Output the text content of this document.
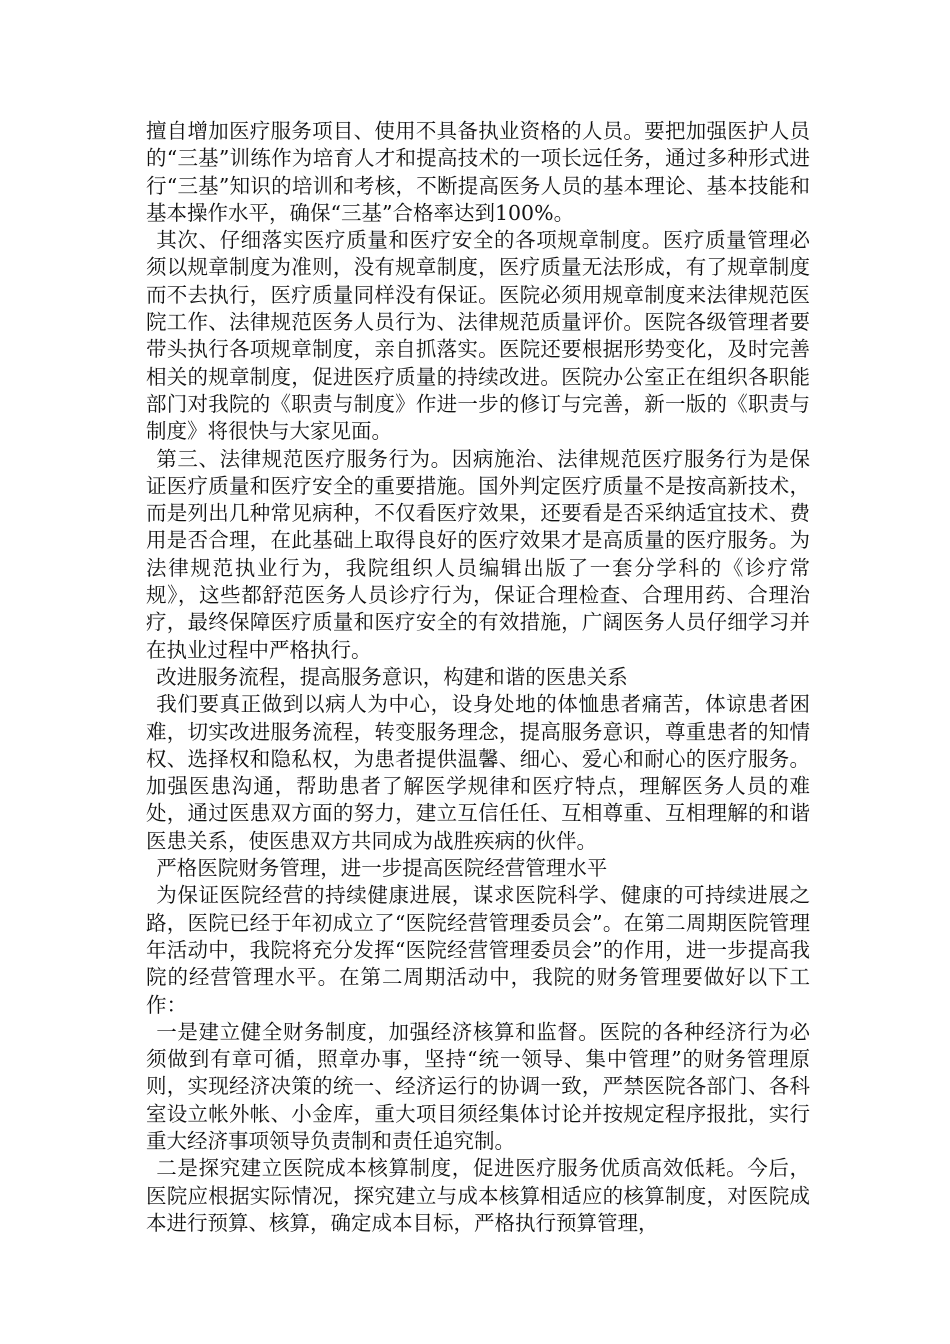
擅自增加医疗服务项目、使用不具备执业资格的人员。要把加强医护人员的“三基”训练作为培育人才和提高技术的一项长远任务，通过多种形式进行“三基”知识的培训和考核，不断提高医务人员的基本理论、基本技能和基本操作水平，确保“三基”合格率达到100%。

其次、仔细落实医疗质量和医疗安全的各项规章制度。医疗质量管理必须以规章制度为准则，没有规章制度，医疗质量无法形成，有了规章制度而不去执行，医疗质量同样没有保证。医院必须用规章制度来法律规范医院工作、法律规范医务人员行为、法律规范质量评价。医院各级管理者要带头执行各项规章制度，亲自抓落实。医院还要根据形势变化，及时完善相关的规章制度，促进医疗质量的持续改进。医院办公室正在组织各职能部门对我院的《职责与制度》作进一步的修订与完善，新一版的《职责与制度》将很快与大家见面。

第三、法律规范医疗服务行为。因病施治、法律规范医疗服务行为是保证医疗质量和医疗安全的重要措施。国外判定医疗质量不是按高新技术，而是列出几种常见病种，不仅看医疗效果，还要看是否采纳适宜技术、费用是否合理，在此基础上取得良好的医疗效果才是高质量的医疗服务。为法律规范执业行为，我院组织人员编辑出版了一套分学科的《诊疗常规》，这些都舒范医务人员诊疗行为，保证合理检查、合理用药、合理治疗，最终保障医疗质量和医疗安全的有效措施，广阔医务人员仔细学习并在执业过程中严格执行。

改进服务流程，提高服务意识，构建和谐的医患关系

我们要真正做到以病人为中心，设身处地的体恤患者痛苦，体谅患者困难，切实改进服务流程，转变服务理念，提高服务意识，尊重患者的知情权、选择权和隐私权，为患者提供温馨、细心、爱心和耐心的医疗服务。加强医患沟通，帮助患者了解医学规律和医疗特点，理解医务人员的难处，通过医患双方面的努力，建立互信任任、互相尊重、互相理解的和谐医患关系，使医患双方共同成为战胜疾病的伙伴。

严格医院财务管理，进一步提高医院经营管理水平

为保证医院经营的持续健康进展，谋求医院科学、健康的可持续进展之路，医院已经于年初成立了“医院经营管理委员会”。在第二周期医院管理年活动中，我院将充分发挥“医院经营管理委员会”的作用，进一步提高我院的经营管理水平。在第二周期活动中，我院的财务管理要做好以下工作：

一是建立健全财务制度，加强经济核算和监督。医院的各种经济行为必须做到有章可循，照章办事，坚持“统一领导、集中管理”的财务管理原则，实现经济决策的统一、经济运行的协调一致，严禁医院各部门、各科室设立帐外帐、小金库，重大项目须经集体讨论并按规定程序报批，实行重大经济事项领导负责制和责任追究制。

二是探究建立医院成本核算制度，促进医疗服务优质高效低耗。今后，医院应根据实际情况，探究建立与成本核算相适应的核算制度，对医院成本进行预算、核算，确定成本目标，严格执行预算管理，
